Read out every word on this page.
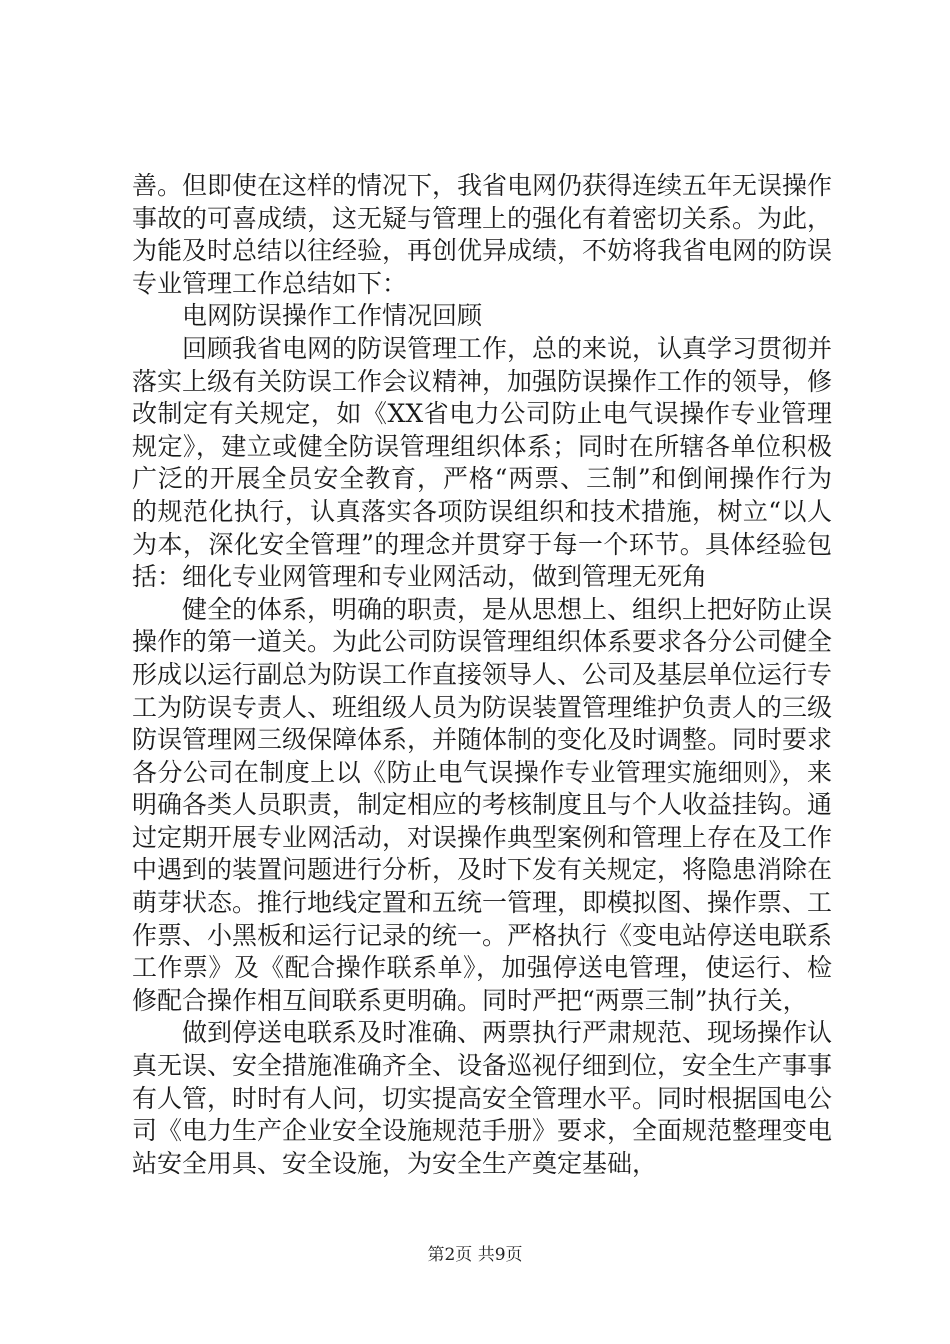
善。但即使在这样的情况下，我省电网仍获得连续五年无误操作事故的可喜成绩，这无疑与管理上的强化有着密切关系。为此，为能及时总结以往经验，再创优异成绩，不妨将我省电网的防误专业管理工作总结如下：

电网防误操作工作情况回顾

回顾我省电网的防误管理工作，总的来说，认真学习贯彻并落实上级有关防误工作会议精神，加强防误操作工作的领导，修改制定有关规定，如《XX省电力公司防止电气误操作专业管理规定》，建立或健全防误管理组织体系；同时在所辖各单位积极广泛的开展全员安全教育，严格“两票、三制”和倒闸操作行为的规范化执行，认真落实各项防误组织和技术措施，树立“以人为本，深化安全管理”的理念并贯穿于每一个环节。具体经验包括：细化专业网管理和专业网活动，做到管理无死角

健全的体系，明确的职责，是从思想上、组织上把好防止误操作的第一道关。为此公司防误管理组织体系要求各分公司健全形成以运行副总为防误工作直接领导人、公司及基层单位运行专工为防误专责人、班组级人员为防误装置管理维护负责人的三级防误管理网三级保障体系，并随体制的变化及时调整。同时要求各分公司在制度上以《防止电气误操作专业管理实施细则》，来明确各类人员职责，制定相应的考核制度且与个人收益挂钩。通过定期开展专业网活动，对误操作典型案例和管理上存在及工作中遇到的装置问题进行分析，及时下发有关规定，将隐患消除在萌芽状态。推行地线定置和五统一管理，即模拟图、操作票、工作票、小黑板和运行记录的统一。严格执行《变电站停送电联系工作票》及《配合操作联系单》，加强停送电管理，使运行、检修配合操作相互间联系更明确。同时严把“两票三制”执行关，

做到停送电联系及时准确、两票执行严肃规范、现场操作认真无误、安全措施准确齐全、设备巡视仔细到位，安全生产事事有人管，时时有人问，切实提高安全管理水平。同时根据国电公司《电力生产企业安全设施规范手册》要求，全面规范整理变电站安全用具、安全设施，为安全生产奠定基础，

第2页 共9页
